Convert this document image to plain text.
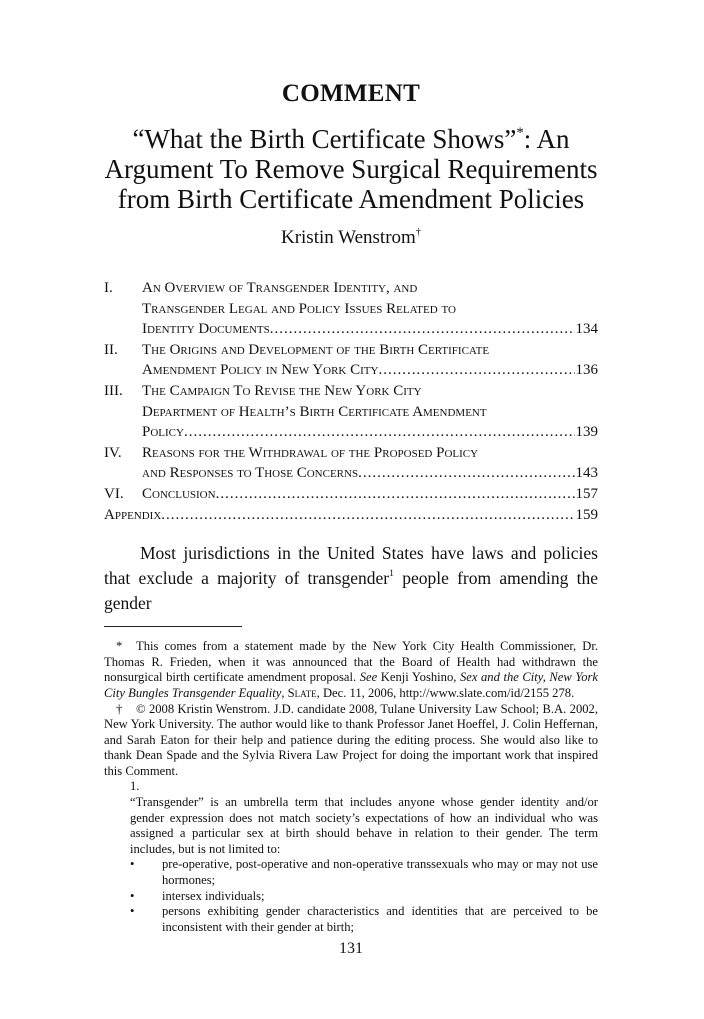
COMMENT
“What the Birth Certificate Shows”*: An
Argument To Remove Surgical Requirements
from Birth Certificate Amendment Policies
Kristin Wenstrom†
I.	An Overview of Transgender Identity, and
Transgender Legal and Policy Issues Related to
Identity Documents .....	134
II.	The Origins and Development of the Birth Certificate
Amendment Policy in New York City .....	136
III.	The Campaign To Revise the New York City
Department of Health’s Birth Certificate Amendment
Policy .....	139
IV.	Reasons for the Withdrawal of the Proposed Policy
and Responses to Those Concerns .....	143
VI.	Conclusion .....	157
Appendix .....	159
Most jurisdictions in the United States have laws and policies that exclude a majority of transgender$^1$ people from amending the gender

* This comes from a statement made by the New York City Health Commissioner, Dr. Thomas R. Frieden, when it was announced that the Board of Health had withdrawn the nonsurgical birth certificate amendment proposal. See Kenji Yoshino, Sex and the City, New York City Bungles Transgender Equality, Slate, Dec. 11, 2006, http://www.slate.com/id/2155 278.

† © 2008 Kristin Wenstrom. J.D. candidate 2008, Tulane University Law School; B.A. 2002, New York University. The author would like to thank Professor Janet Hoeffel, J. Colin Heffernan, and Sarah Eaton for their help and patience during the editing process. She would also like to thank Dean Spade and the Sylvia Rivera Law Project for doing the important work that inspired this Comment.

1.

“Transgender” is an umbrella term that includes anyone whose gender identity and/or gender expression does not match society’s expectations of how an individual who was assigned a particular sex at birth should behave in relation to their gender. The term includes, but is not limited to:

•	pre-operative, post-operative and non-operative transsexuals who may or may not use hormones;
•	intersex individuals;
•	persons exhibiting gender characteristics and identities that are perceived to be inconsistent with their gender at birth;
131
